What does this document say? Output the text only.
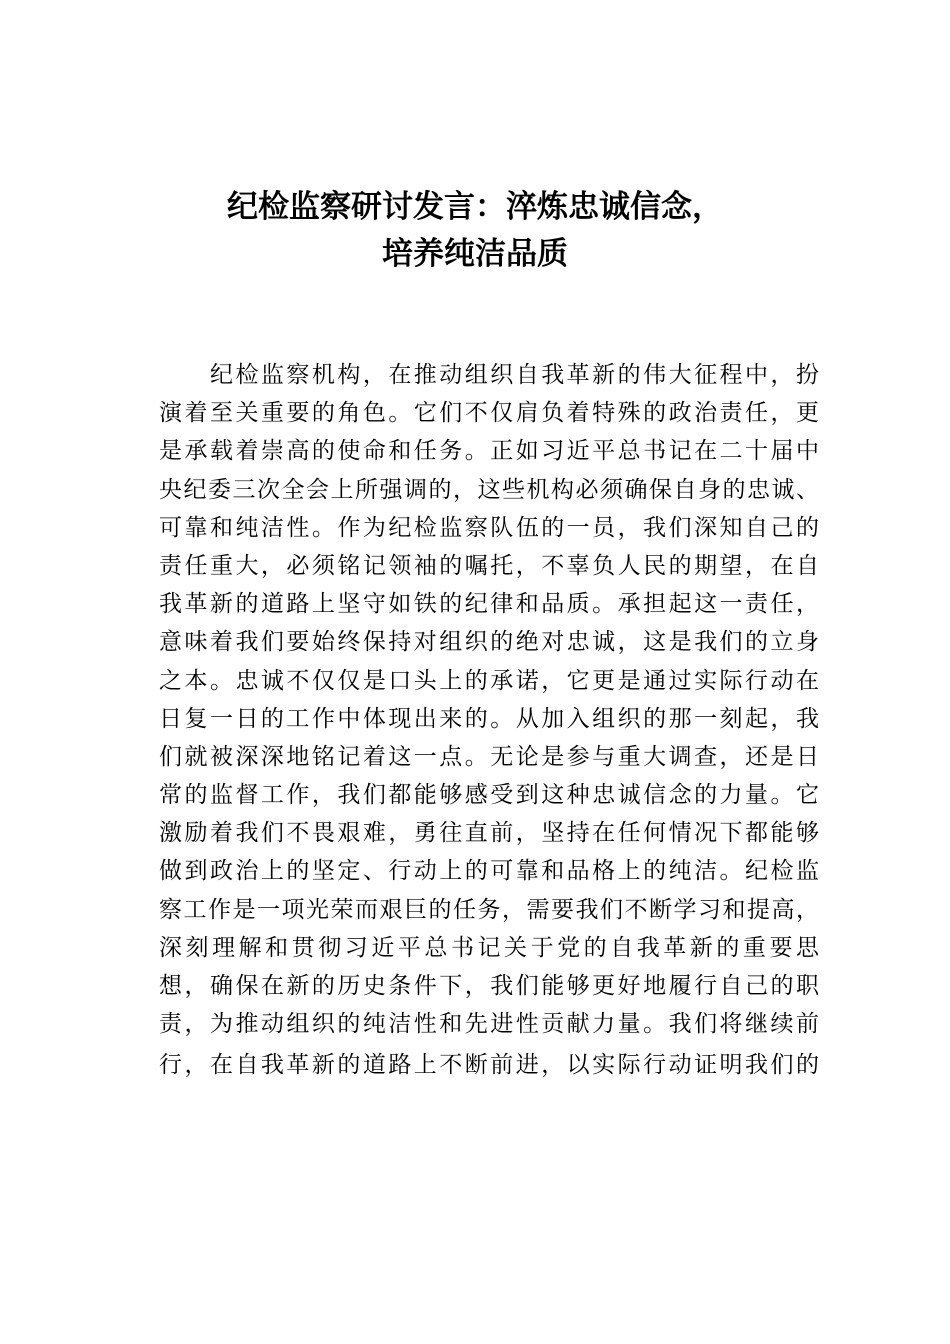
纪检监察研讨发言：淬炼忠诚信念，
培养纯洁品质
　　纪检监察机构，在推动组织自我革新的伟大征程中，扮
演着至关重要的角色。它们不仅肩负着特殊的政治责任，更
是承载着崇高的使命和任务。正如习近平总书记在二十届中
央纪委三次全会上所强调的，这些机构必须确保自身的忠诚、
可靠和纯洁性。作为纪检监察队伍的一员，我们深知自己的
责任重大，必须铭记领袖的嘱托，不辜负人民的期望，在自
我革新的道路上坚守如铁的纪律和品质。承担起这一责任，
意味着我们要始终保持对组织的绝对忠诚，这是我们的立身
之本。忠诚不仅仅是口头上的承诺，它更是通过实际行动在
日复一日的工作中体现出来的。从加入组织的那一刻起，我
们就被深深地铭记着这一点。无论是参与重大调查，还是日
常的监督工作，我们都能够感受到这种忠诚信念的力量。它
激励着我们不畏艰难，勇往直前，坚持在任何情况下都能够
做到政治上的坚定、行动上的可靠和品格上的纯洁。纪检监
察工作是一项光荣而艰巨的任务，需要我们不断学习和提高，
深刻理解和贯彻习近平总书记关于党的自我革新的重要思
想，确保在新的历史条件下，我们能够更好地履行自己的职
责，为推动组织的纯洁性和先进性贡献力量。我们将继续前
行，在自我革新的道路上不断前进，以实际行动证明我们的
